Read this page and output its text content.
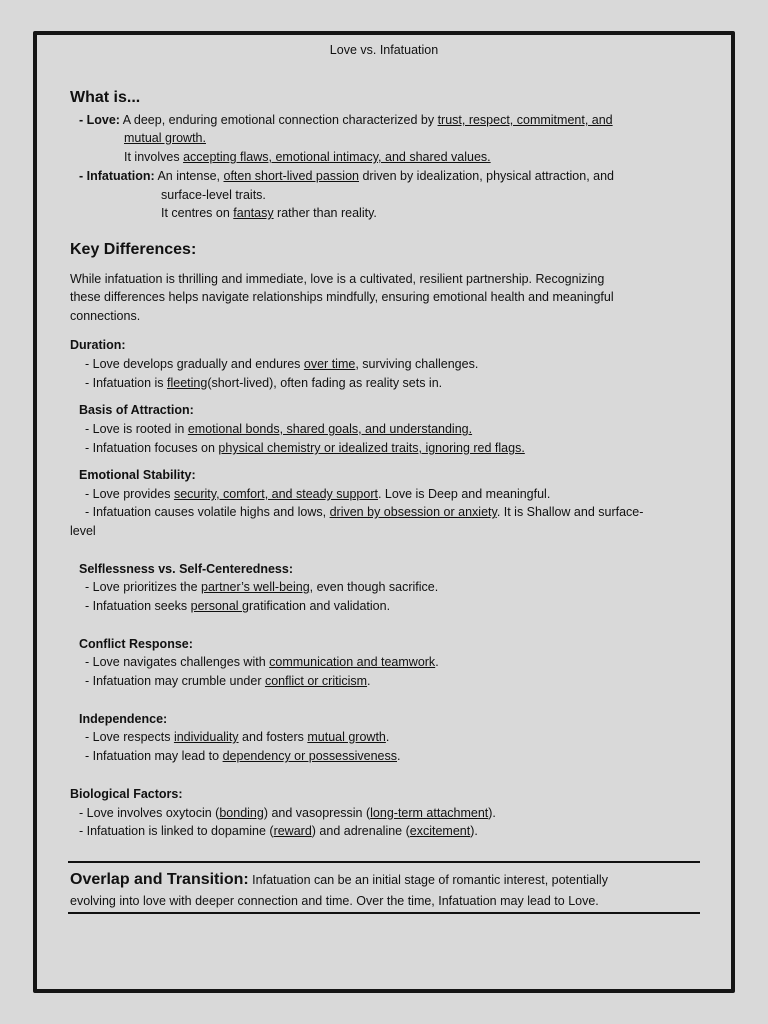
Love vs. Infatuation
What is...
- Love: A deep, enduring emotional connection characterized by trust, respect, commitment, and
mutual growth.
It involves accepting flaws, emotional intimacy, and shared values.
- Infatuation: An intense, often short-lived passion driven by idealization, physical attraction, and
surface-level traits.
It centres on fantasy rather than reality.
Key Differences:
While infatuation is thrilling and immediate, love is a cultivated, resilient partnership. Recognizing
these differences helps navigate relationships mindfully, ensuring emotional health and meaningful
connections.
Duration:
- Love develops gradually and endures over time, surviving challenges.
- Infatuation is fleeting(short-lived), often fading as reality sets in.
Basis of Attraction:
- Love is rooted in emotional bonds, shared goals, and understanding.
- Infatuation focuses on physical chemistry or idealized traits, ignoring red flags.
Emotional Stability:
- Love provides security, comfort, and steady support. Love is Deep and meaningful.
- Infatuation causes volatile highs and lows, driven by obsession or anxiety. It is Shallow and surface-
level
Selflessness vs. Self-Centeredness:
- Love prioritizes the partner’s well-being, even though sacrifice.
- Infatuation seeks personal gratification and validation.
Conflict Response:
- Love navigates challenges with communication and teamwork.
- Infatuation may crumble under conflict or criticism.
Independence:
- Love respects individuality and fosters mutual growth.
- Infatuation may lead to dependency or possessiveness.
Biological Factors:
- Love involves oxytocin (bonding) and vasopressin (long-term attachment).
- Infatuation is linked to dopamine (reward) and adrenaline (excitement).
Overlap and Transition: Infatuation can be an initial stage of romantic interest, potentially
evolving into love with deeper connection and time. Over the time, Infatuation may lead to Love.
